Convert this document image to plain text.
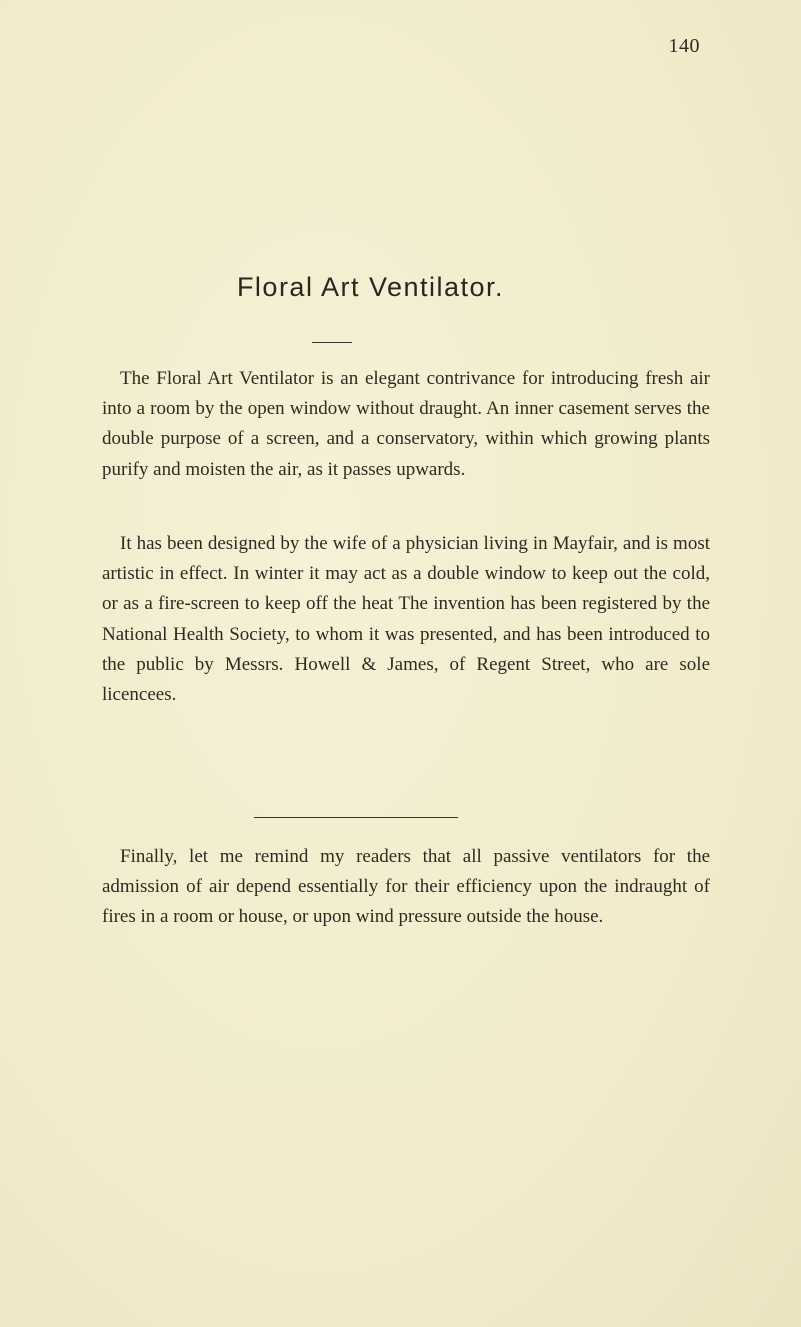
140
Floral Art Ventilator.

The Floral Art Ventilator is an elegant contrivance for introducing fresh air into a room by the open window without draught. An inner casement serves the double purpose of a screen, and a conservatory, within which growing plants purify and moisten the air, as it passes upwards.

It has been designed by the wife of a physician living in Mayfair, and is most artistic in effect. In winter it may act as a double window to keep out the cold, or as a fire-screen to keep off the heat The invention has been registered by the National Health Society, to whom it was presented, and has been introduced to the public by Messrs. Howell & James, of Regent Street, who are sole licencees.

Finally, let me remind my readers that all passive ventilators for the admission of air depend essentially for their efficiency upon the indraught of fires in a room or house, or upon wind pressure outside the house.
